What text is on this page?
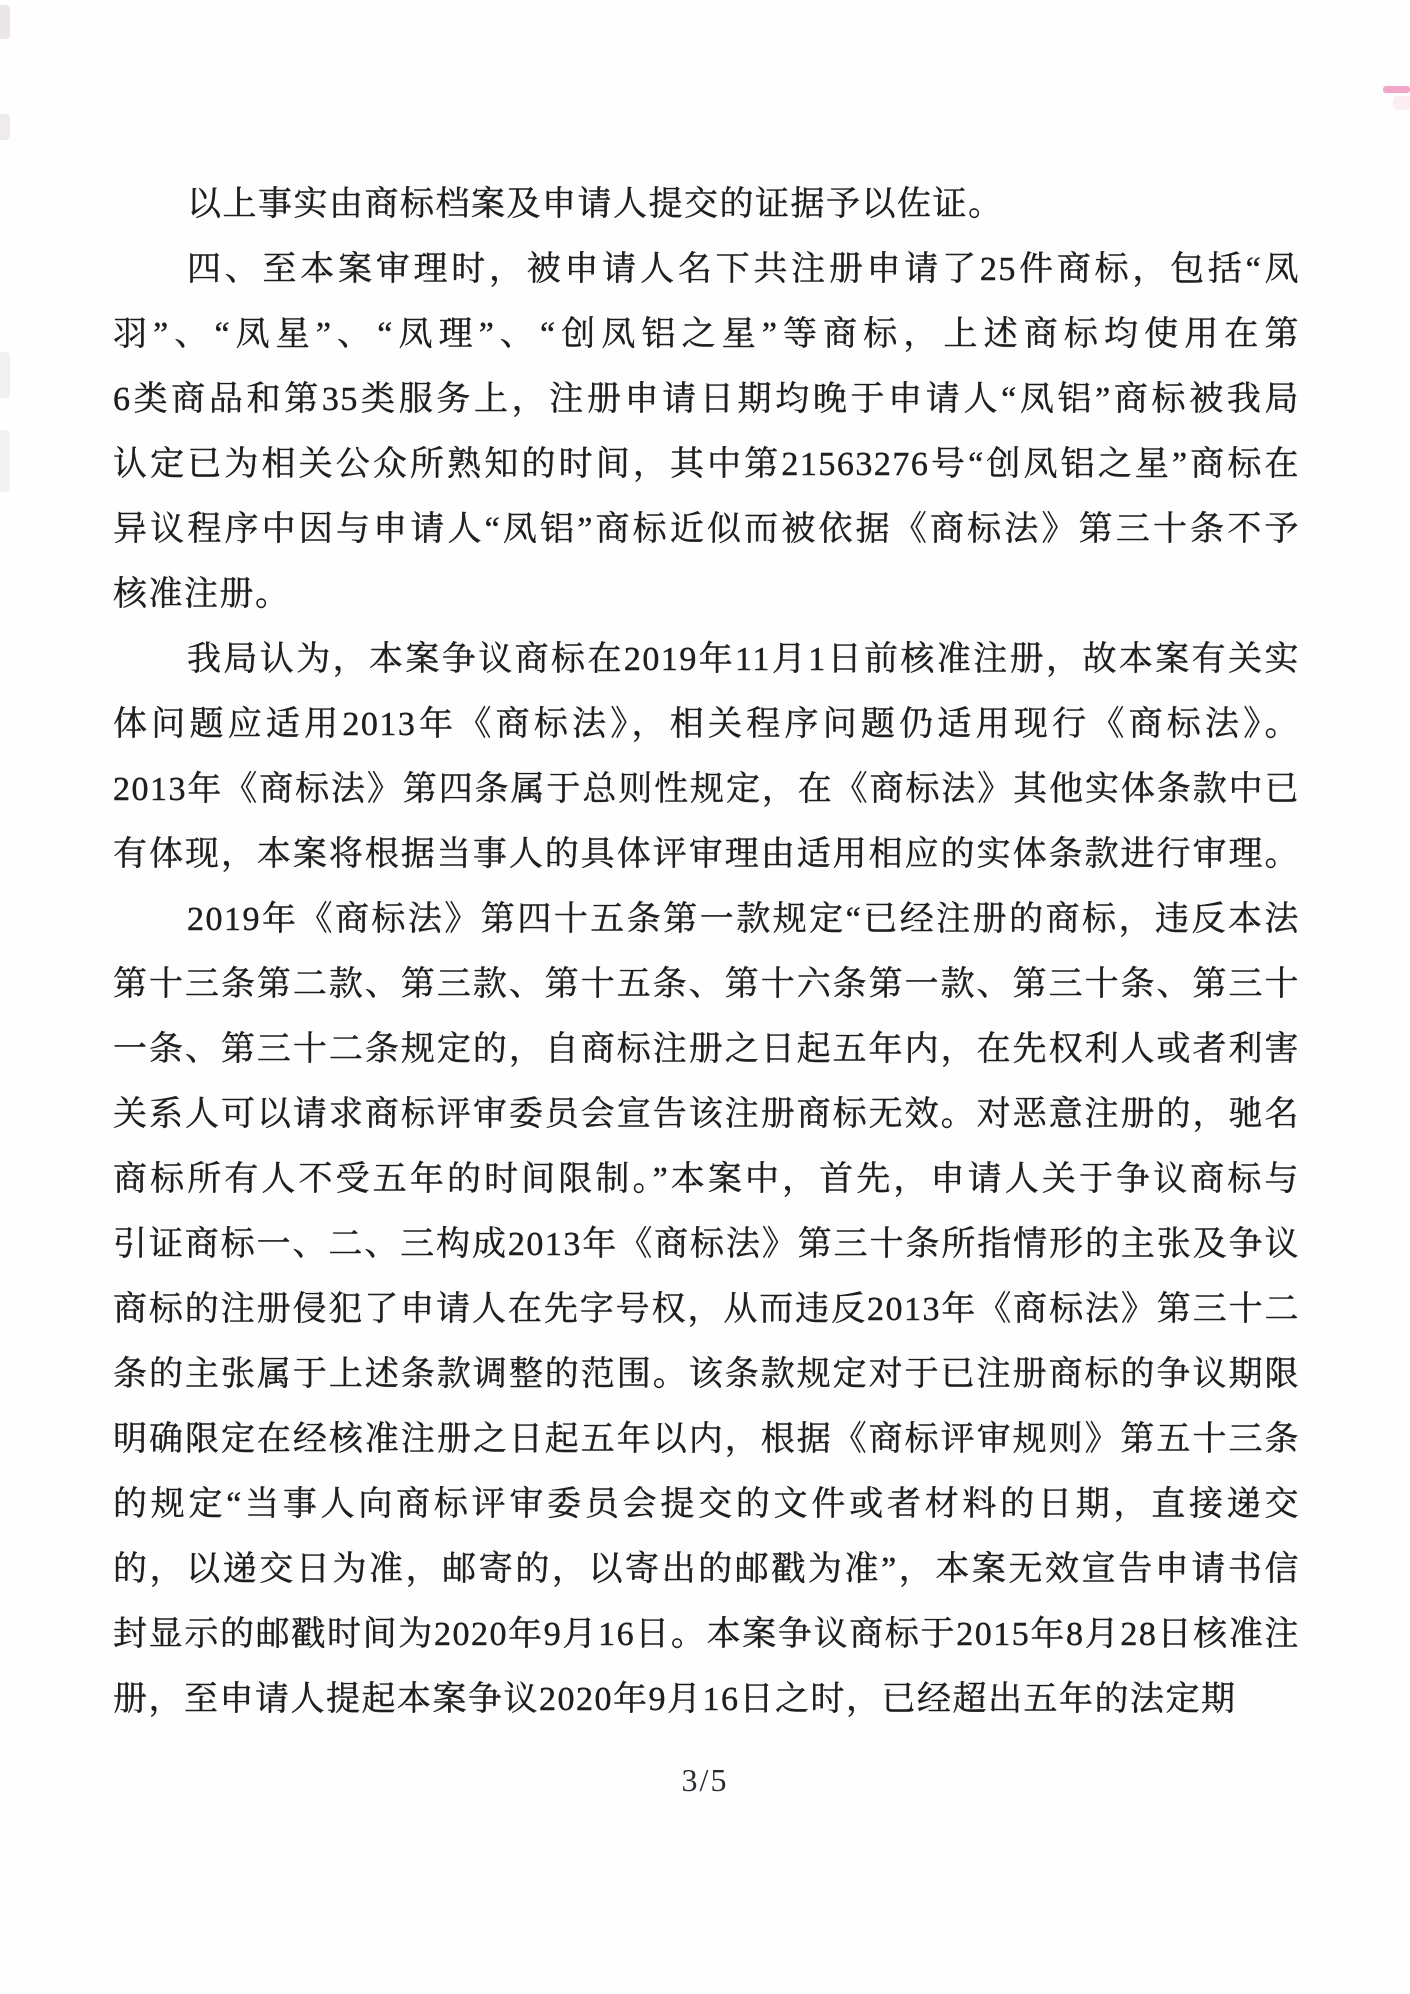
以上事实由商标档案及申请人提交的证据予以佐证。
四、至本案审理时，被申请人名下共注册申请了25件商标，包括“凤
羽”、“凤星”、“凤理”、“创凤铝之星”等商标，上述商标均使用在第
6类商品和第35类服务上，注册申请日期均晚于申请人“凤铝”商标被我局
认定已为相关公众所熟知的时间，其中第21563276号“创凤铝之星”商标在
异议程序中因与申请人“凤铝”商标近似而被依据《商标法》第三十条不予
核准注册。
我局认为，本案争议商标在2019年11月1日前核准注册，故本案有关实
体问题应适用2013年《商标法》，相关程序问题仍适用现行《商标法》。
2013年《商标法》第四条属于总则性规定，在《商标法》其他实体条款中已
有体现，本案将根据当事人的具体评审理由适用相应的实体条款进行审理。
2019年《商标法》第四十五条第一款规定“已经注册的商标，违反本法
第十三条第二款、第三款、第十五条、第十六条第一款、第三十条、第三十
一条、第三十二条规定的，自商标注册之日起五年内，在先权利人或者利害
关系人可以请求商标评审委员会宣告该注册商标无效。对恶意注册的，驰名
商标所有人不受五年的时间限制。”本案中，首先，申请人关于争议商标与
引证商标一、二、三构成2013年《商标法》第三十条所指情形的主张及争议
商标的注册侵犯了申请人在先字号权，从而违反2013年《商标法》第三十二
条的主张属于上述条款调整的范围。该条款规定对于已注册商标的争议期限
明确限定在经核准注册之日起五年以内，根据《商标评审规则》第五十三条
的规定“当事人向商标评审委员会提交的文件或者材料的日期，直接递交
的，以递交日为准，邮寄的，以寄出的邮戳为准”，本案无效宣告申请书信
封显示的邮戳时间为2020年9月16日。本案争议商标于2015年8月28日核准注
册，至申请人提起本案争议2020年9月16日之时，已经超出五年的法定期
3/5
